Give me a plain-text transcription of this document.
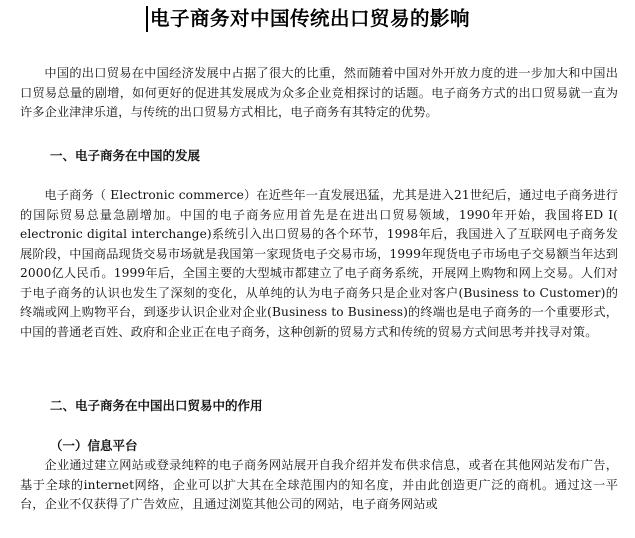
电子商务对中国传统出口贸易的影响

中国的出口贸易在中国经济发展中占据了很大的比重，然而随着中国对外开放力度的进一步加大和中国出口贸易总量的剧增，如何更好的促进其发展成为众多企业竞相探讨的话题。电子商务方式的出口贸易就一直为许多企业津津乐道，与传统的出口贸易方式相比，电子商务有其特定的优势。

一、电子商务在中国的发展

电子商务（ Electronic commerce）在近些年一直发展迅猛，尤其是进入21世纪后，通过电子商务进行的国际贸易总量急剧增加。中国的电子商务应用首先是在进出口贸易领域，1990年开始，我国将ED I( electronic digital interchange)系统引入出口贸易的各个环节，1998年后，我国进入了互联网电子商务发展阶段，中国商品现货交易市场就是我国第一家现货电子交易市场，1999年现货电子市场电子交易额当年达到2000亿人民币。1999年后，全国主要的大型城市都建立了电子商务系统，开展网上购物和网上交易。人们对于电子商务的认识也发生了深刻的变化，从单纯的认为电子商务只是企业对客户(Business to Customer)的终端或网上购物平台，到逐步认识企业对企业(Business to Business)的终端也是电子商务的一个重要形式，中国的普通老百姓、政府和企业正在电子商务，这种创新的贸易方式和传统的贸易方式间思考并找寻对策。

二、电子商务在中国出口贸易中的作用
（一）信息平台

企业通过建立网站或登录纯粹的电子商务网站展开自我介绍并发布供求信息，或者在其他网站发布广告，基于全球的internet网络，企业可以扩大其在全球范围内的知名度，并由此创造更广泛的商机。通过这一平台，企业不仅获得了广告效应，且通过浏览其他公司的网站，电子商务网站或
